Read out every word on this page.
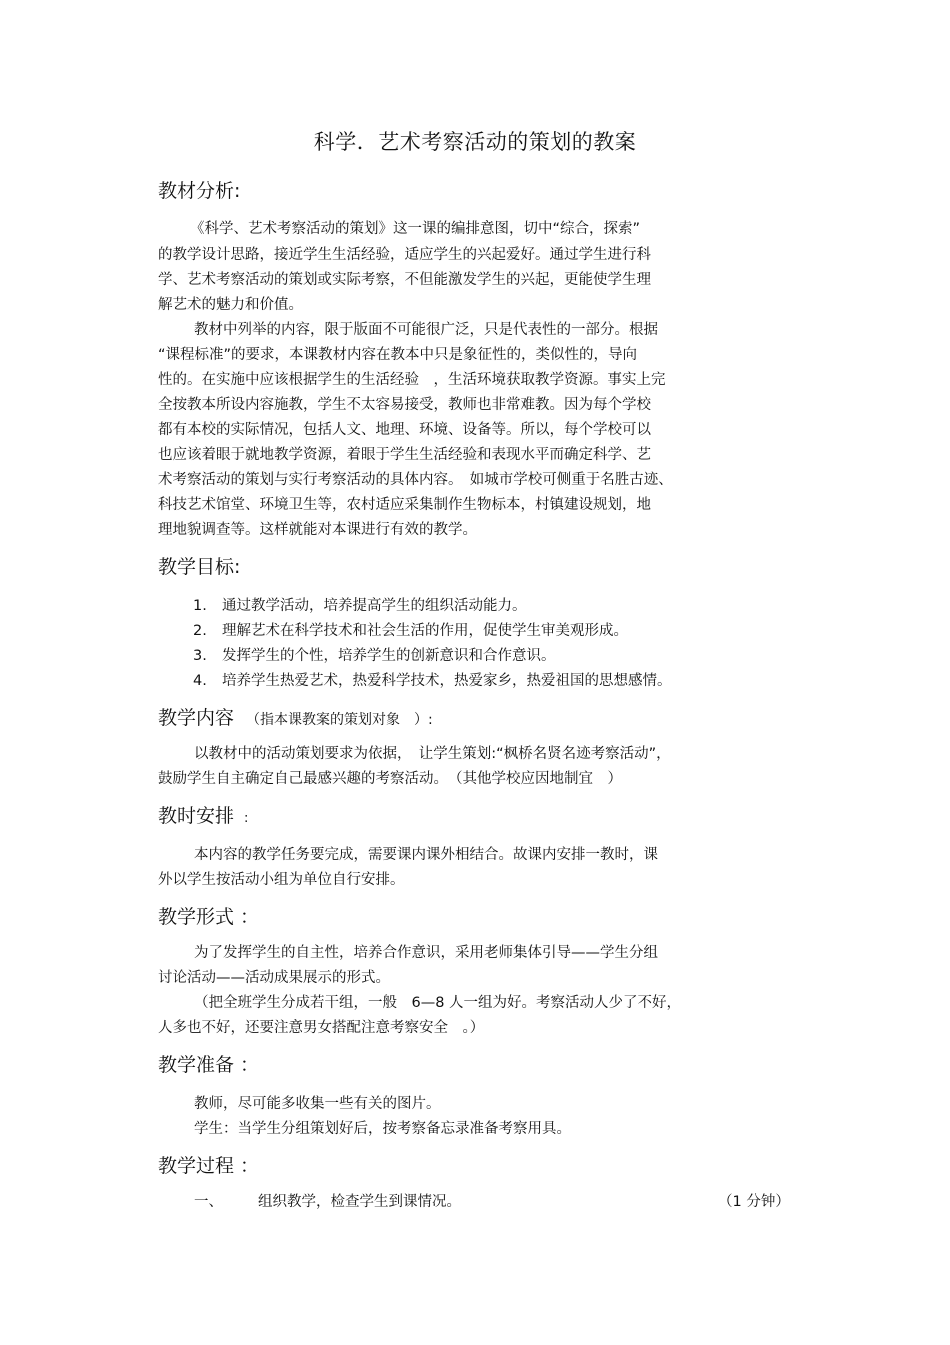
科学．艺术考察活动的策划的教案
教材分析:
《科学、艺术考察活动的策划》这一课的编排意图，切中“综合，探索”
的教学设计思路，接近学生生活经验，适应学生的兴起爱好。通过学生进行科
学、艺术考察活动的策划或实际考察，不但能激发学生的兴起，更能使学生理
解艺术的魅力和价值。
教材中列举的内容，限于版面不可能很广泛，只是代表性的一部分。根据
“课程标准”的要求，本课教材内容在教本中只是象征性的，类似性的，导向
性的。在实施中应该根据学生的生活经验　，生活环境获取教学资源。事实上完
全按教本所设内容施教，学生不太容易接受，教师也非常难教。因为每个学校
都有本校的实际情况，包括人文、地理、环境、设备等。所以，每个学校可以
也应该着眼于就地教学资源，着眼于学生生活经验和表现水平而确定科学、艺
术考察活动的策划与实行考察活动的具体内容。　如城市学校可侧重于名胜古迹、
科技艺术馆堂、环境卫生等，农村适应采集制作生物标本，村镇建设规划，地
理地貌调查等。这样就能对本课进行有效的教学。
教学目标:
1. 通过教学活动，培养提高学生的组织活动能力。
2. 理解艺术在科学技术和社会生活的作用，促使学生审美观形成。
3. 发挥学生的个性，培养学生的创新意识和合作意识。
4. 培养学生热爱艺术，热爱科学技术，热爱家乡，热爱祖国的思想感情。
教学内容 （指本课教案的策划对象　）:
以教材中的活动策划要求为依据，　让学生策划:“枫桥名贤名迹考察活动”，
鼓励学生自主确定自己最感兴趣的考察活动。　（其他学校应因地制宜　）
教时安排 :
本内容的教学任务要完成，需要课内课外相结合。故课内安排一教时，课
外以学生按活动小组为单位自行安排。
教学形式 ：
为了发挥学生的自主性，培养合作意识，采用老师集体引导——学生分组
讨论活动——活动成果展示的形式。
（把全班学生分成若干组，一般　6—8 人一组为好。考察活动人少了不好，
人多也不好，还要注意男女搭配注意考察安全　。）
教学准备 ：
教师，尽可能多收集一些有关的图片。
学生：当学生分组策划好后，按考察备忘录准备考察用具。
教学过程 ：
一、 组织教学，检查学生到课情况。	（1 分钟）
